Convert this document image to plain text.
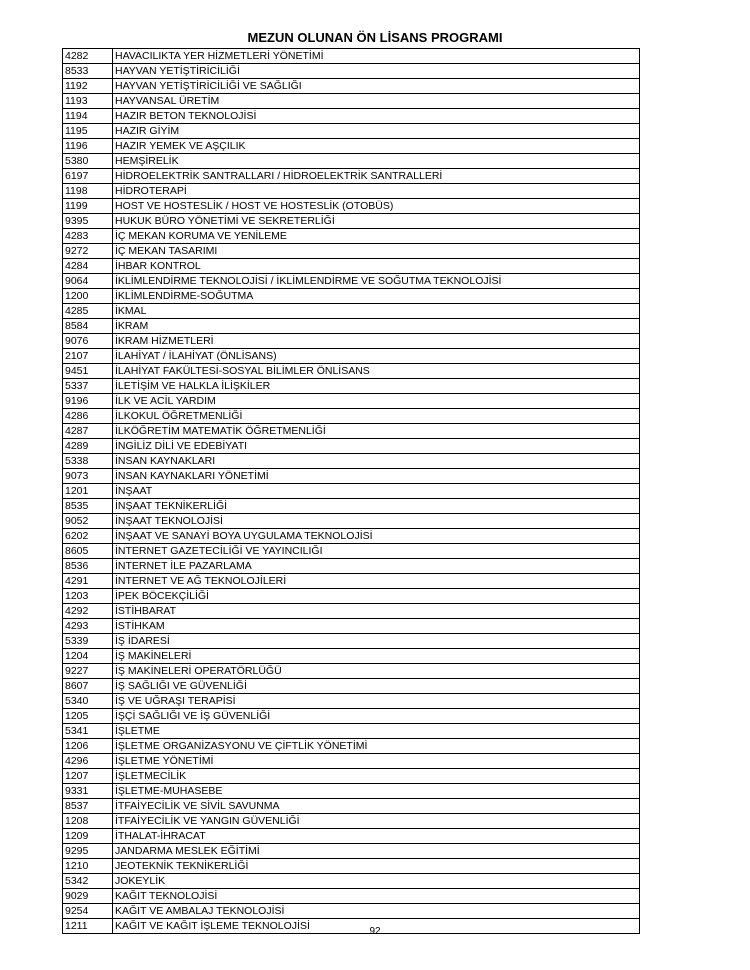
MEZUN OLUNAN ÖN LİSANS PROGRAMI
4282	HAVACILIKTA YER HİZMETLERİ YÖNETİMİ
8533	HAYVAN YETİŞTİRİCİLİĞİ
1192	HAYVAN YETİŞTİRİCİLİĞİ VE SAĞLIĞI
1193	HAYVANSAL ÜRETİM
1194	HAZIR BETON TEKNOLOJİSİ
1195	HAZIR GİYİM
1196	HAZIR YEMEK VE AŞÇILIK
5380	HEMŞİRELİK
6197	HİDROELEKTRİK SANTRALLARI / HİDROELEKTRİK SANTRALLERİ
1198	HİDROTERAPİ
1199	HOST VE HOSTESLİK / HOST VE HOSTESLİK (OTOBÜS)
9395	HUKUK BÜRO YÖNETİMİ VE SEKRETERLİĞİ
4283	İÇ MEKAN KORUMA VE YENİLEME
9272	İÇ MEKAN TASARIMI
4284	İHBAR KONTROL
9064	İKLİMLENDİRME TEKNOLOJİSİ / İKLİMLENDİRME VE SOĞUTMA TEKNOLOJİSİ
1200	İKLİMLENDİRME-SOĞUTMA
4285	İKMAL
8584	İKRAM
9076	İKRAM HİZMETLERİ
2107	İLAHİYAT / İLAHİYAT (ÖNLİSANS)
9451	İLAHİYAT FAKÜLTESİ-SOSYAL BİLİMLER ÖNLİSANS
5337	İLETİŞİM VE HALKLA İLİŞKİLER
9196	İLK VE ACİL YARDIM
4286	İLKOKUL ÖĞRETMENLİĞİ
4287	İLKÖĞRETİM MATEMATİK ÖĞRETMENLİĞİ
4289	İNGİLİZ DİLİ VE EDEBİYATI
5338	İNSAN KAYNAKLARI
9073	İNSAN KAYNAKLARI YÖNETİMİ
1201	İNŞAAT
8535	İNŞAAT TEKNİKERLİĞİ
9052	İNŞAAT TEKNOLOJİSİ
6202	İNŞAAT VE SANAYİ BOYA UYGULAMA TEKNOLOJİSİ
8605	İNTERNET GAZETECİLİĞİ VE YAYINCILIĞI
8536	İNTERNET İLE PAZARLAMA
4291	İNTERNET VE AĞ TEKNOLOJİLERİ
1203	İPEK BÖCEKÇİLİĞİ
4292	İSTİHBARAT
4293	İSTİHKAM
5339	İŞ İDARESİ
1204	İŞ MAKİNELERİ
9227	İŞ MAKİNELERİ OPERATÖRLÜĞÜ
8607	İŞ SAĞLIĞI VE GÜVENLİĞİ
5340	İŞ VE UĞRAŞI TERAPİSİ
1205	İŞÇİ SAĞLIĞI VE İŞ GÜVENLİĞİ
5341	İŞLETME
1206	İŞLETME ORGANİZASYONU VE ÇİFTLİK YÖNETİMİ
4296	İŞLETME YÖNETİMİ
1207	İŞLETMECİLİK
9331	İŞLETME-MUHASEBE
8537	İTFAİYECİLİK VE SİVİL SAVUNMA
1208	İTFAİYECİLİK VE YANGIN GÜVENLİĞİ
1209	İTHALAT-İHRACAT
9295	JANDARMA MESLEK EĞİTİMİ
1210	JEOTEKNİK TEKNİKERLİĞİ
5342	JOKEYLİK
9029	KAĞIT TEKNOLOJİSİ
9254	KAĞIT VE AMBALAJ TEKNOLOJİSİ
1211	KAĞIT VE KAĞIT İŞLEME TEKNOLOJİSİ	92
